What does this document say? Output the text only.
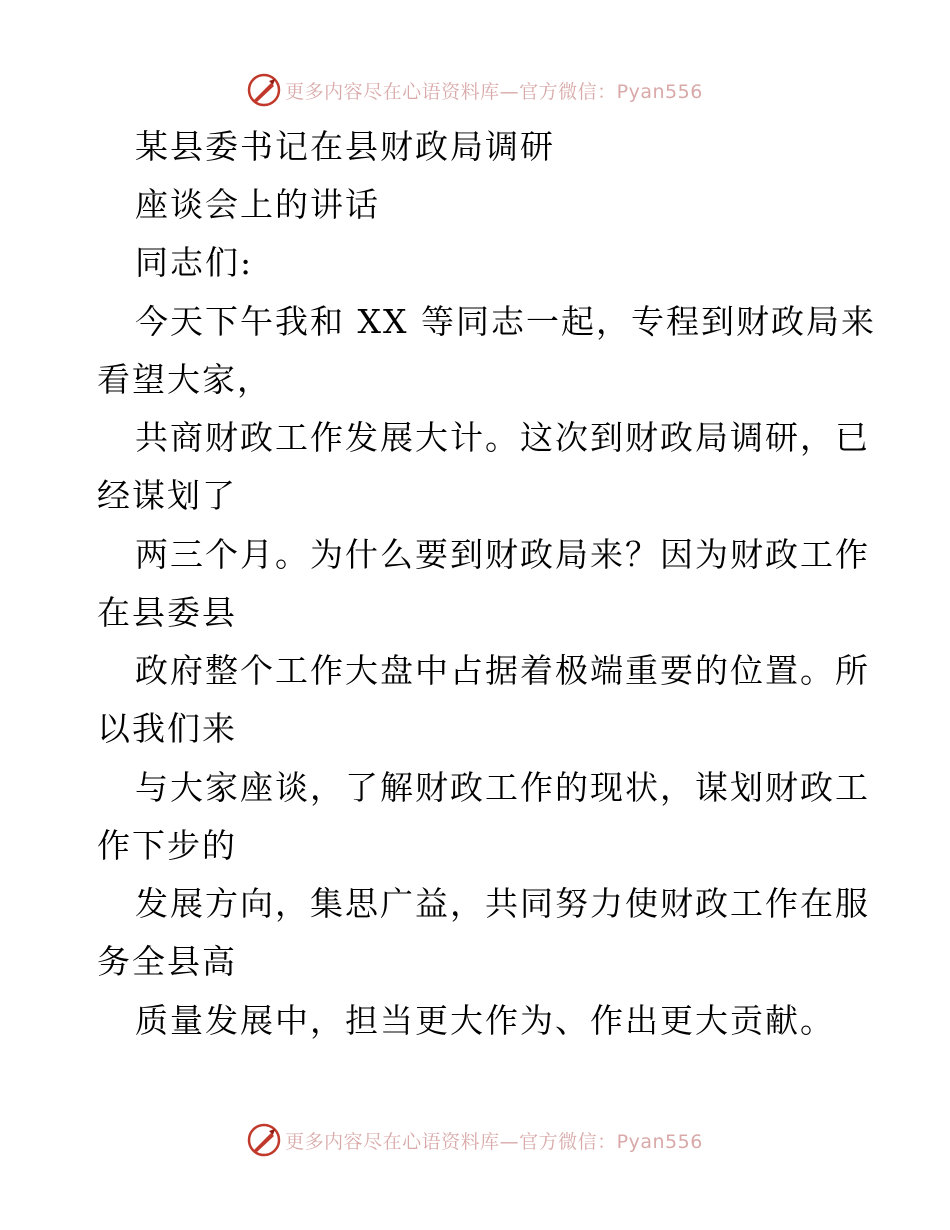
更多内容尽在心语资料库—官方微信：Pyan556
某县委书记在县财政局调研
座谈会上的讲话
同志们:
今天下午我和 XX 等同志一起，专程到财政局来
看望大家，
共商财政工作发展大计。这次到财政局调研，已
经谋划了
两三个月。为什么要到财政局来？因为财政工作
在县委县
政府整个工作大盘中占据着极端重要的位置。所
以我们来
与大家座谈，了解财政工作的现状，谋划财政工
作下步的
发展方向，集思广益，共同努力使财政工作在服
务全县高
质量发展中，担当更大作为、作出更大贡献。
更多内容尽在心语资料库—官方微信：Pyan556
